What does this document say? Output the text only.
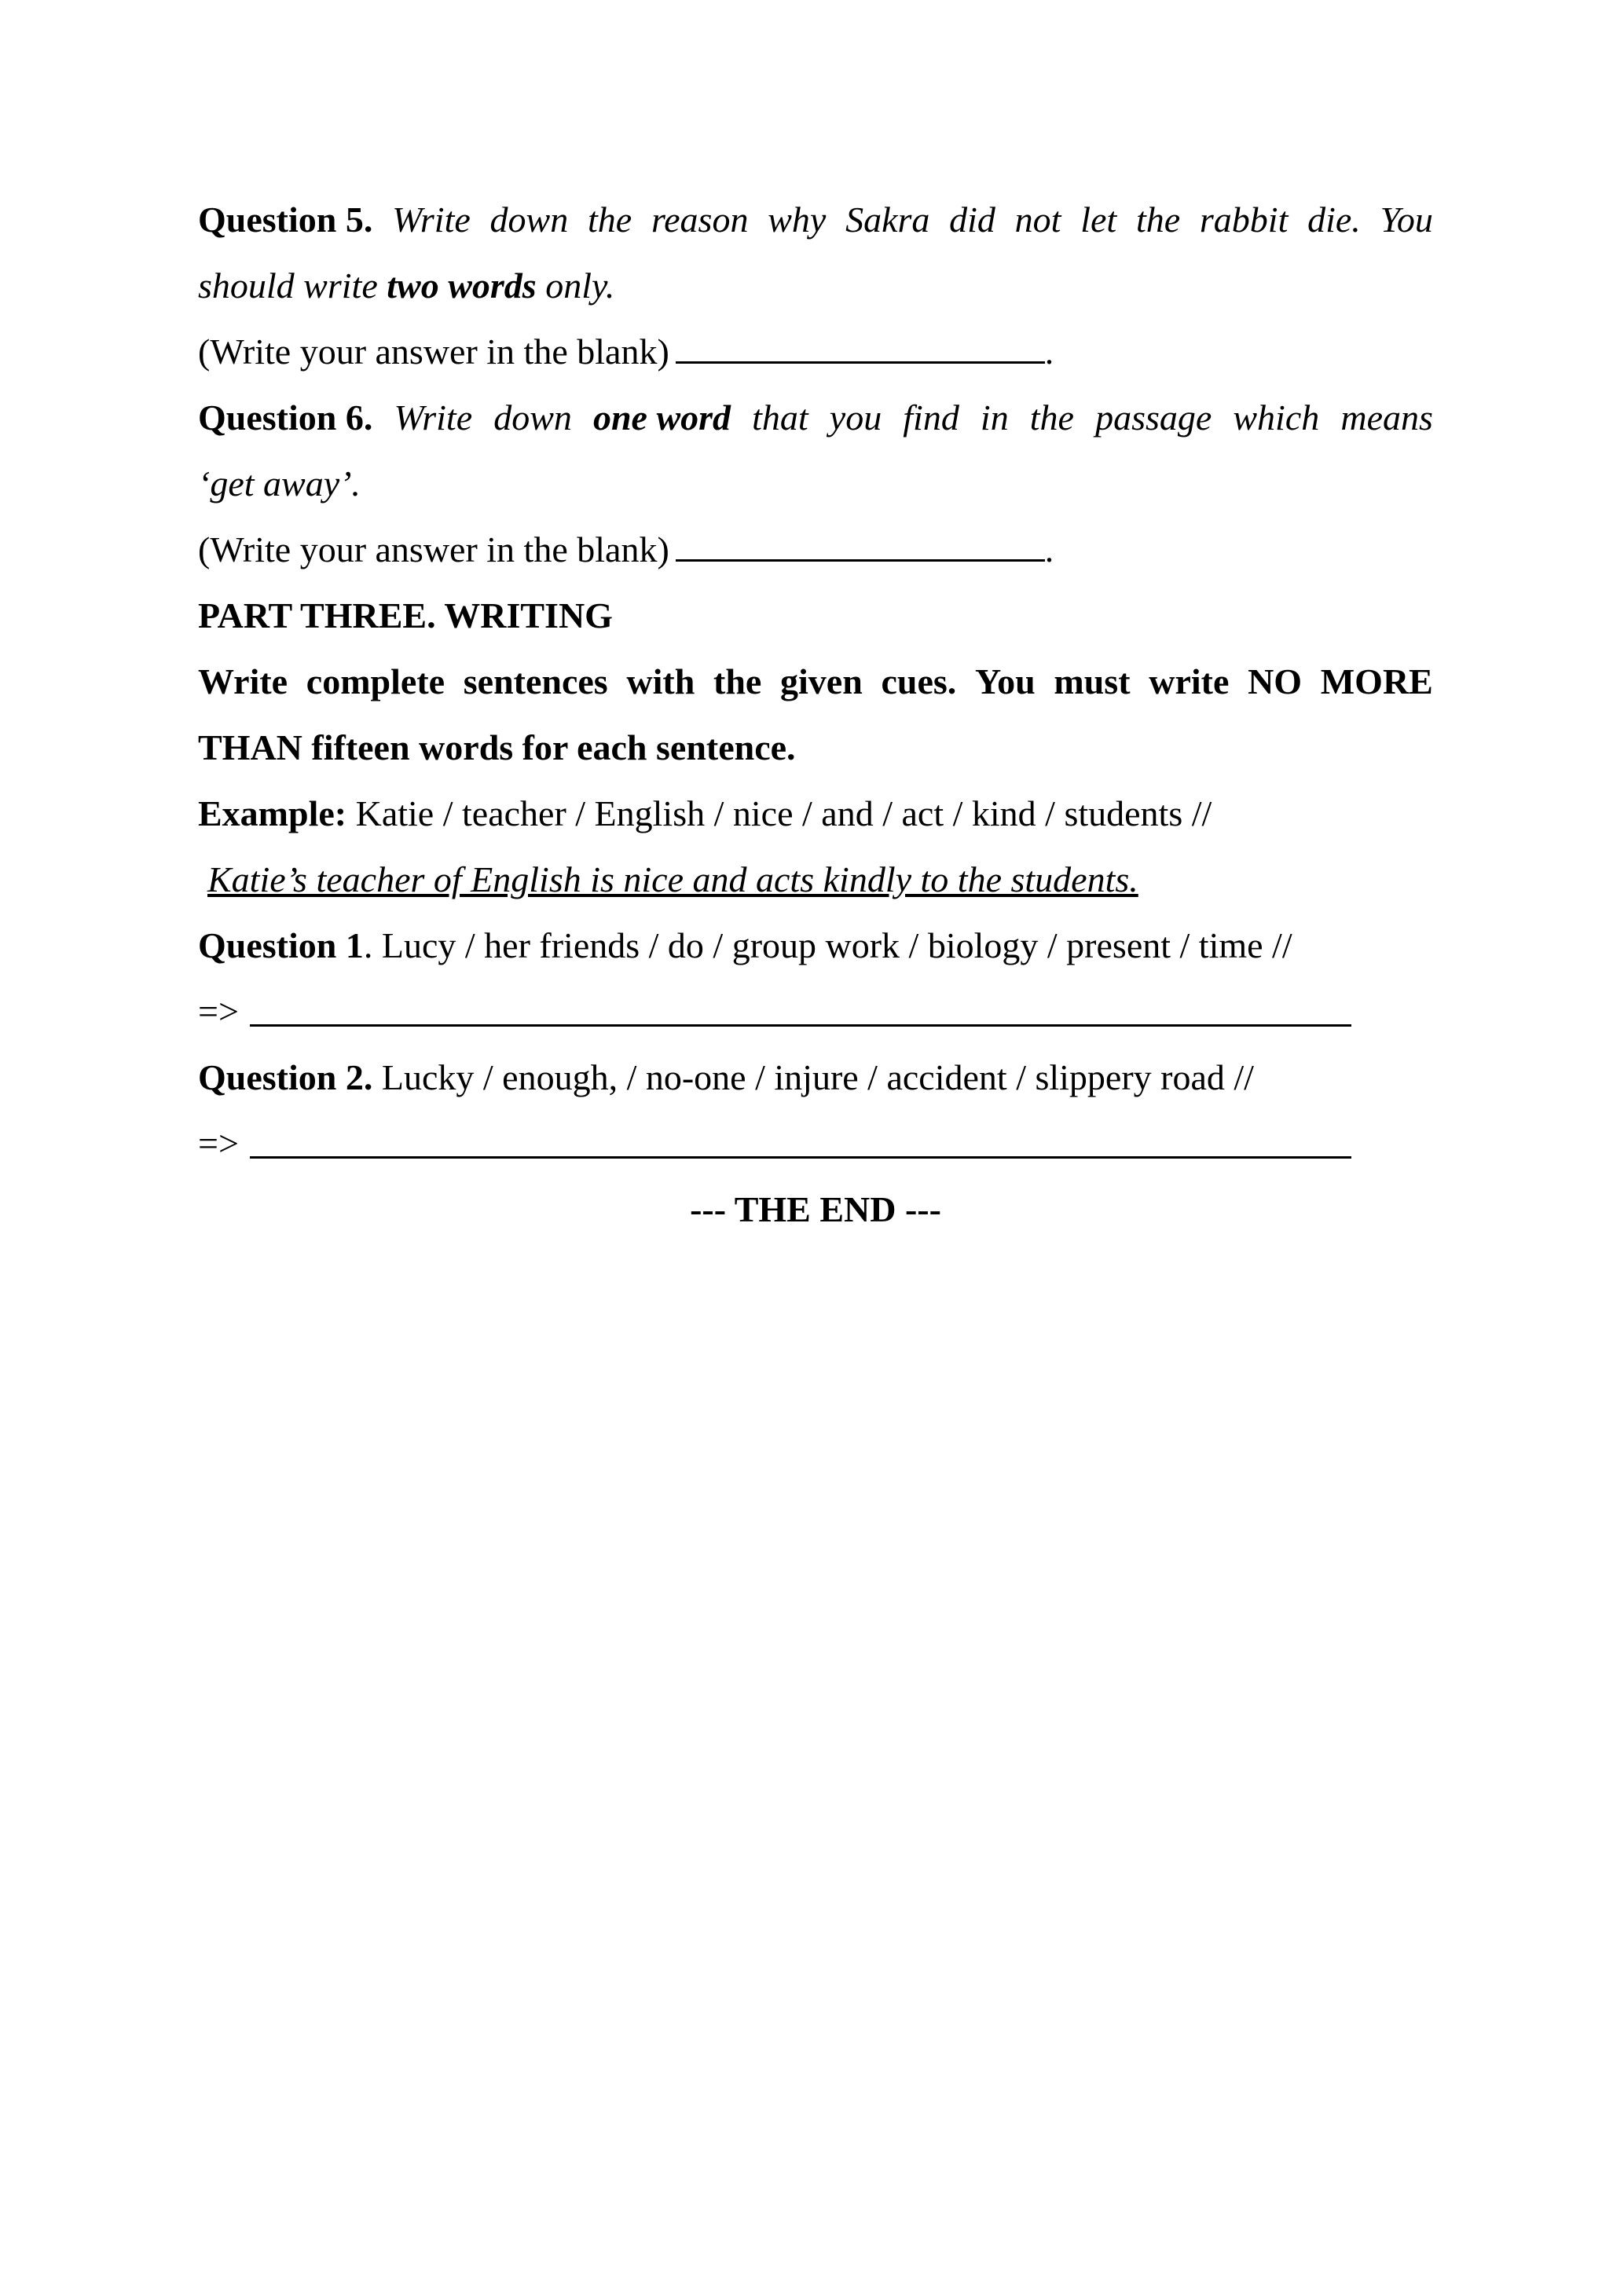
Question 5. Write down the reason why Sakra did not let the rabbit die. You
should write two words only.
(Write your answer in the blank)	.
Question 6. Write down one word that you find in the passage which means
‘get away’.
(Write your answer in the blank)	.
PART THREE. WRITING
Write complete sentences with the given cues. You must write NO MORE
THAN fifteen words for each sentence.
Example: Katie / teacher / English / nice / and / act / kind / students //
Katie’s teacher of English is nice and acts kindly to the students.
Question 1. Lucy / her friends / do / group work / biology / present / time //
=>
Question 2. Lucky / enough, / no-one / injure / accident / slippery road //
=>
--- THE END ---
